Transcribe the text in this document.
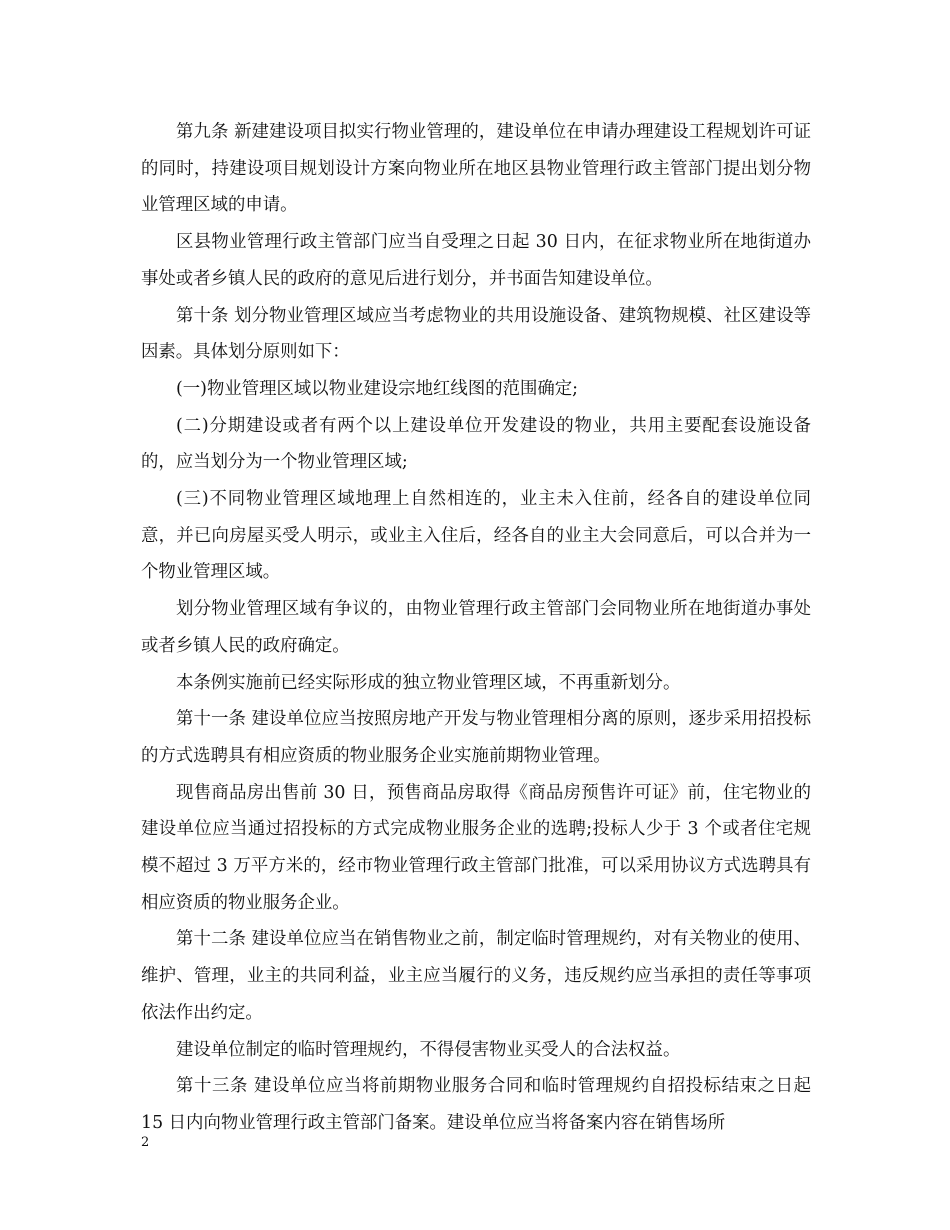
第九条 新建建设项目拟实行物业管理的，建设单位在申请办理建设工程规划许可证的同时，持建设项目规划设计方案向物业所在地区县物业管理行政主管部门提出划分物业管理区域的申请。

区县物业管理行政主管部门应当自受理之日起 30 日内，在征求物业所在地街道办事处或者乡镇人民的政府的意见后进行划分，并书面告知建设单位。

第十条 划分物业管理区域应当考虑物业的共用设施设备、建筑物规模、社区建设等因素。具体划分原则如下：

(一)物业管理区域以物业建设宗地红线图的范围确定;

(二)分期建设或者有两个以上建设单位开发建设的物业，共用主要配套设施设备的，应当划分为一个物业管理区域;

(三)不同物业管理区域地理上自然相连的，业主未入住前，经各自的建设单位同意，并已向房屋买受人明示，或业主入住后，经各自的业主大会同意后，可以合并为一个物业管理区域。

划分物业管理区域有争议的，由物业管理行政主管部门会同物业所在地街道办事处或者乡镇人民的政府确定。

本条例实施前已经实际形成的独立物业管理区域，不再重新划分。

第十一条 建设单位应当按照房地产开发与物业管理相分离的原则，逐步采用招投标的方式选聘具有相应资质的物业服务企业实施前期物业管理。

现售商品房出售前 30 日，预售商品房取得《商品房预售许可证》前，住宅物业的建设单位应当通过招投标的方式完成物业服务企业的选聘;投标人少于 3 个或者住宅规模不超过 3 万平方米的，经市物业管理行政主管部门批准，可以采用协议方式选聘具有相应资质的物业服务企业。

第十二条 建设单位应当在销售物业之前，制定临时管理规约，对有关物业的使用、维护、管理，业主的共同利益，业主应当履行的义务，违反规约应当承担的责任等事项依法作出约定。

建设单位制定的临时管理规约，不得侵害物业买受人的合法权益。

第十三条 建设单位应当将前期物业服务合同和临时管理规约自招投标结束之日起 15 日内向物业管理行政主管部门备案。建设单位应当将备案内容在销售场所

2
